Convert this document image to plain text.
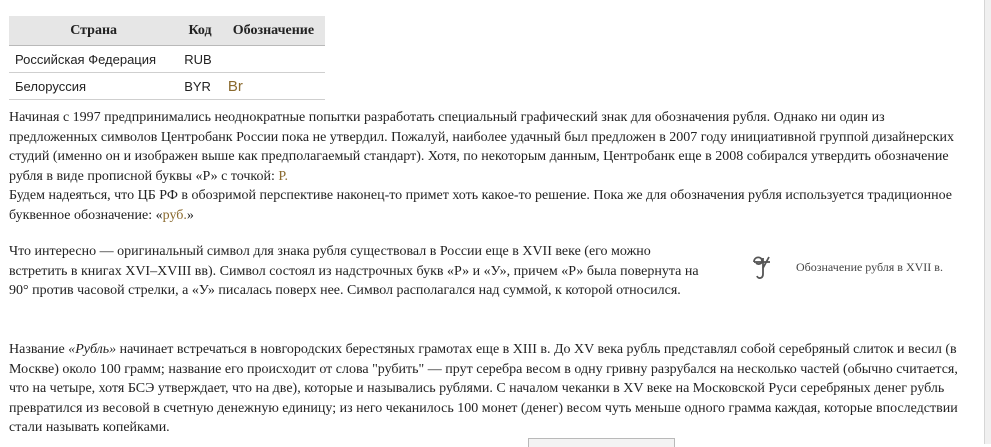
Страна	Код	Обозначение
Российская Федерация	RUB	
Белоруссия	BYR	Br

Начиная с 1997 предпринимались неоднократные попытки разработать специальный графический знак для обозначения рубля. Однако ни один из предложенных символов Центробанк России пока не утвердил. Пожалуй, наиболее удачный был предложен в 2007 году инициативной группой дизайнерских студий (именно он и изображен выше как предполагаемый стандарт). Хотя, по некоторым данным, Центробанк еще в 2008 собирался утвердить обозначение рубля в виде прописной буквы «Р» с точкой: Р.
Будем надеяться, что ЦБ РФ в обозримой перспективе наконец-то примет хоть какое-то решение. Пока же для обозначения рубля используется традиционное буквенное обозначение: «руб.»

Что интересно — оригинальный символ для знака рубля существовал в России еще в XVII веке (его можно встретить в книгах XVI–XVIII вв). Символ состоял из надстрочных букв «Р» и «У», причем «Р» была повернута на 90° против часовой стрелки, а «У» писалась поверх нее. Символ располагался над суммой, к которой относился.

Обозначение рубля в XVII в.

Название «Рубль» начинает встречаться в новгородских берестяных грамотах еще в XIII в. До XV века рубль представлял собой серебряный слиток и весил (в Москве) около 100 грамм; название его происходит от слова "рубить" — прут серебра весом в одну гривну разрубался на несколько частей (обычно считается, что на четыре, хотя БСЭ утверждает, что на две), которые и назывались рублями. С началом чеканки в XV веке на Московской Руси серебряных денег рубль превратился из весовой в счетную денежную единицу; из него чеканилось 100 монет (денег) весом чуть меньше одного грамма каждая, которые впоследствии стали называть копейками.
